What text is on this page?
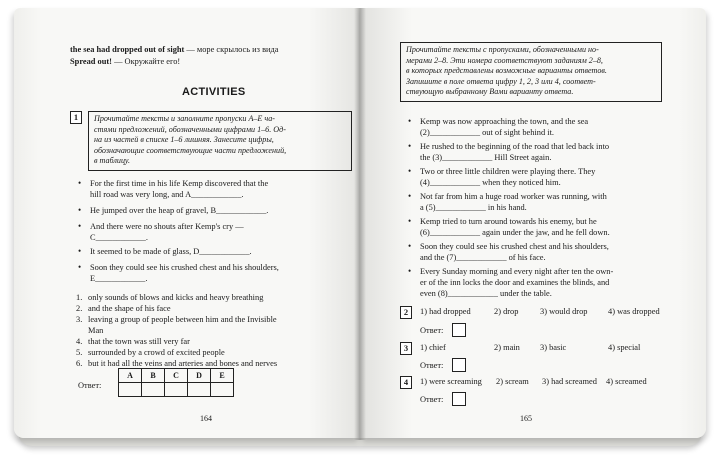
the sea had dropped out of sight — море скрылось из вида
Spread out! — Окружайте его!
ACTIVITIES
1	Прочитайте тексты и заполните пропуски A–E ча-
стями предложений, обозначенными цифрами 1–6. Од-
на из частей в списке 1–6 лишняя. Занесите цифры,
обозначающие соответствующие части предложений,
в таблицу.
• For the first time in his life Kemp discovered that the
hill road was very long, and A____________.
• He jumped over the heap of gravel, B____________.
• And there were no shouts after Kemp's cry —
C____________.
• It seemed to be made of glass, D____________.
• Soon they could see his crushed chest and his shoulders,
E____________.
1. only sounds of blows and kicks and heavy breathing
2. and the shape of his face
3. leaving a group of people between him and the Invisible
Man
4. that the town was still very far
5. surrounded by a crowd of excited people
6. but it had all the veins and arteries and bones and nerves
Ответ:
A	B	C	D	E

164
Прочитайте тексты с пропусками, обозначенными но-
мерами 2–8. Эти номера соответствуют заданиям 2–8,
в которых представлены возможные варианты ответов.
Запишите в поле ответа цифру 1, 2, 3 или 4, соответ-
ствующую выбранному Вами варианту ответа.
• Kemp was now approaching the town, and the sea
(2)____________ out of sight behind it.
• He rushed to the beginning of the road that led back into
the (3)____________ Hill Street again.
• Two or three little children were playing there. They
(4)____________ when they noticed him.
• Not far from him a huge road worker was running, with
a (5)____________ in his hand.
• Kemp tried to turn around towards his enemy, but he
(6)____________ again under the jaw, and he fell down.
• Soon they could see his crushed chest and his shoulders,
and the (7)____________ of his face.
• Every Sunday morning and every night after ten the own-
er of the inn locks the door and examines the blinds, and
even (8)____________ under the table.
2	1) had dropped	2) drop	3) would drop 4) was dropped
Ответ:
3	1) chief	2) main 3) basic	4) special
Ответ:
4	1) were screaming 2) scream 3) had screamed 4) screamed
Ответ:
165
